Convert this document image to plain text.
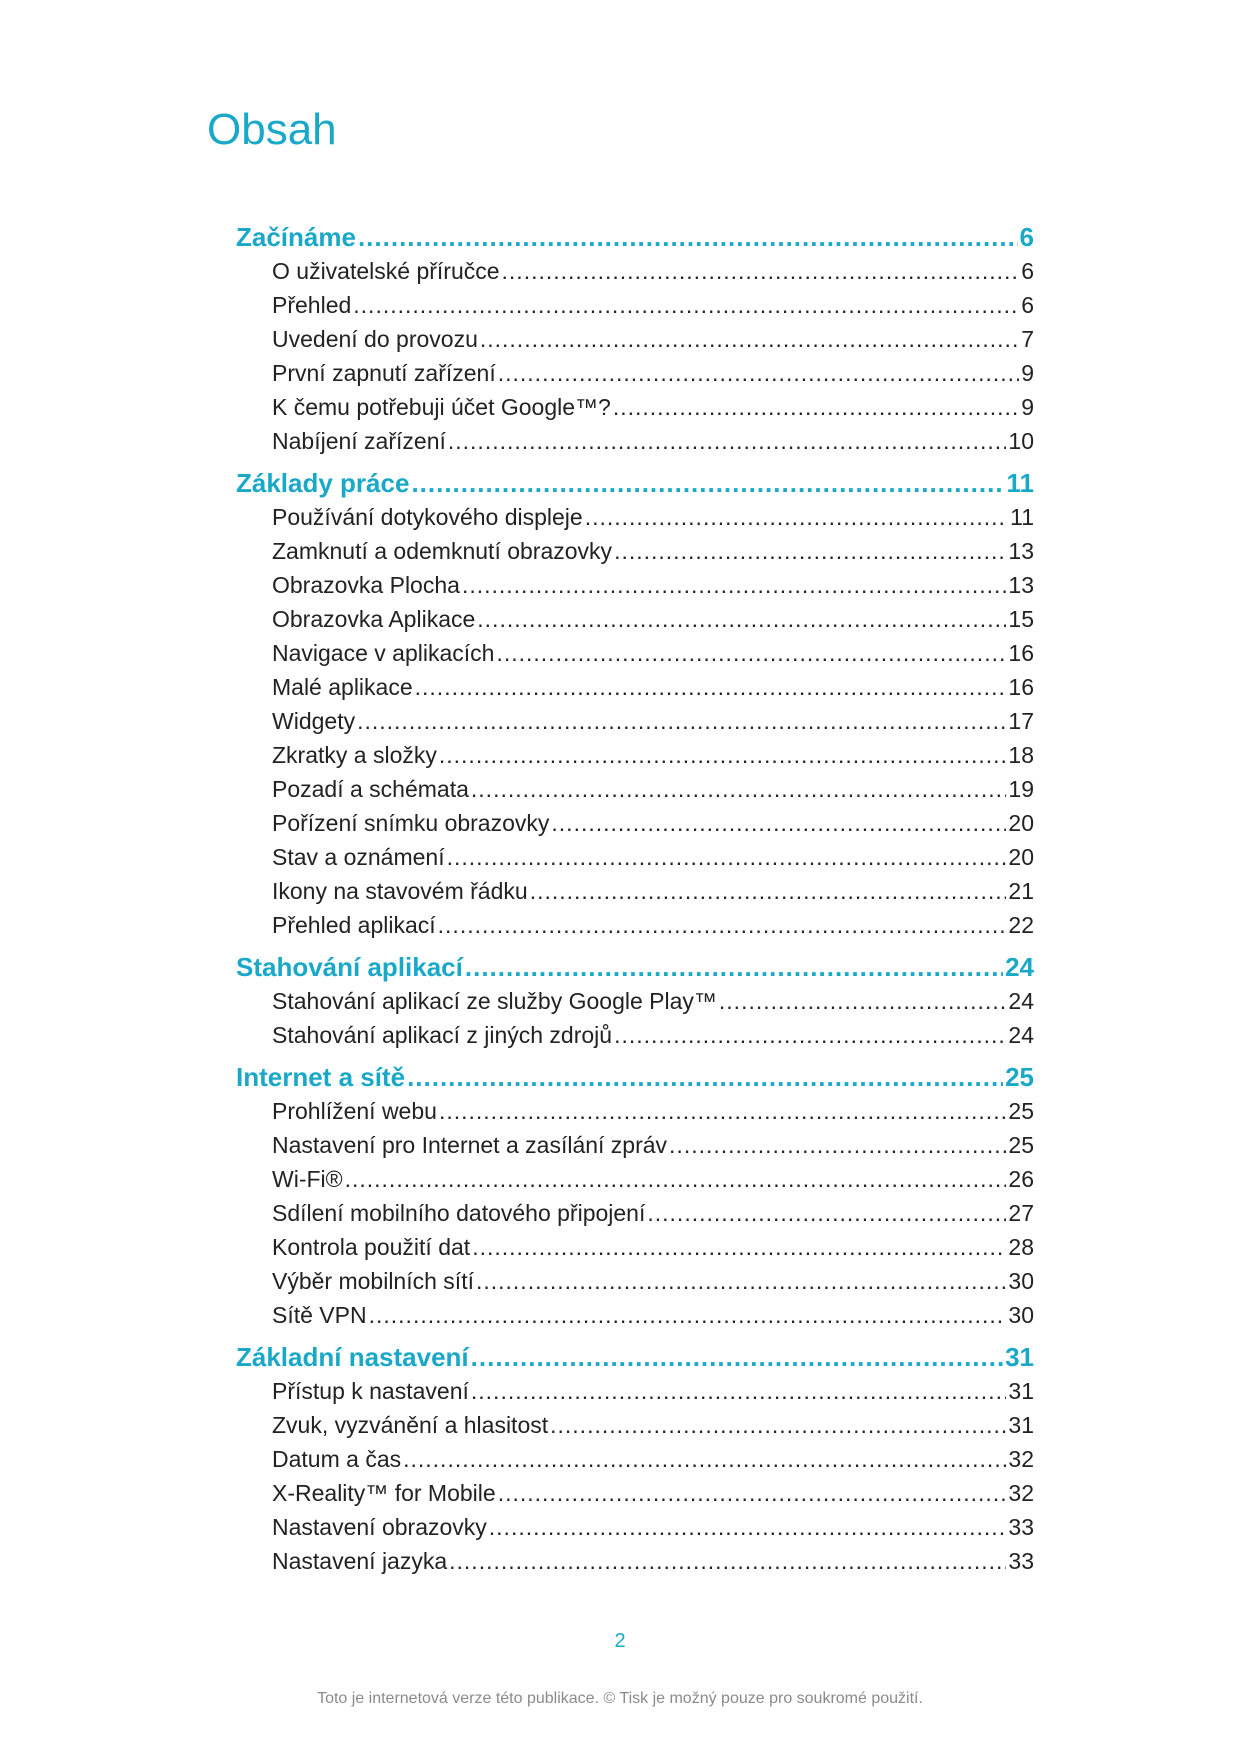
Obsah
Začínáme .....	6
O uživatelské příručce .....	6
Přehled .....	6
Uvedení do provozu .....	7
První zapnutí zařízení .....	9
K čemu potřebuji účet Google™? .....	9
Nabíjení zařízení .....	10
Základy práce .....	11
Používání dotykového displeje .....	11
Zamknutí a odemknutí obrazovky .....	13
Obrazovka Plocha .....	13
Obrazovka Aplikace .....	15
Navigace v aplikacích .....	16
Malé aplikace .....	16
Widgety .....	17
Zkratky a složky .....	18
Pozadí a schémata .....	19
Pořízení snímku obrazovky .....	20
Stav a oznámení .....	20
Ikony na stavovém řádku .....	21
Přehled aplikací .....	22
Stahování aplikací .....	24
Stahování aplikací ze služby Google Play™ .....	24
Stahování aplikací z jiných zdrojů .....	24
Internet a sítě .....	25
Prohlížení webu .....	25
Nastavení pro Internet a zasílání zpráv .....	25
Wi-Fi® .....	26
Sdílení mobilního datového připojení .....	27
Kontrola použití dat .....	28
Výběr mobilních sítí .....	30
Sítě VPN .....	30
Základní nastavení .....	31
Přístup k nastavení .....	31
Zvuk, vyzvánění a hlasitost .....	31
Datum a čas .....	32
X-Reality™ for Mobile .....	32
Nastavení obrazovky .....	33
Nastavení jazyka .....	33
2
Toto je internetová verze této publikace. © Tisk je možný pouze pro soukromé použití.
